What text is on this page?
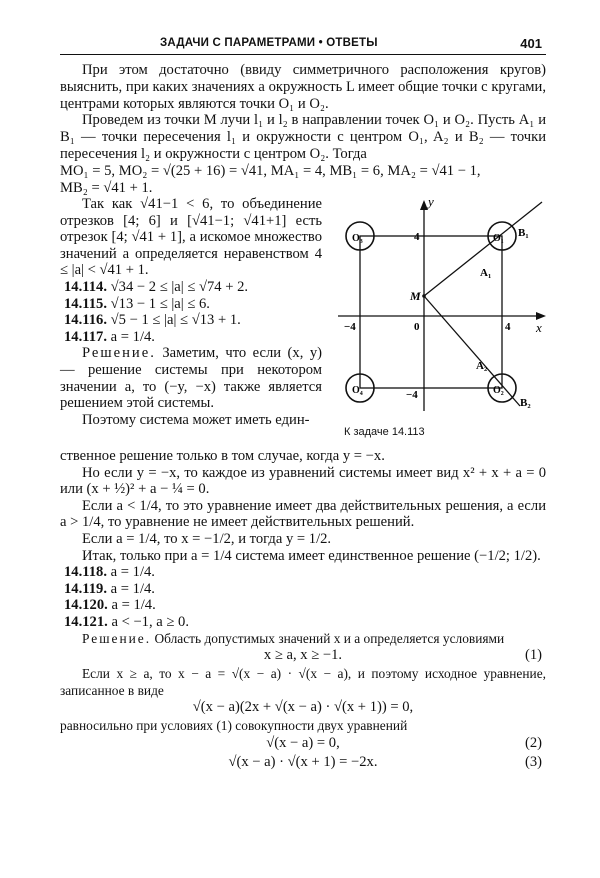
ЗАДАЧИ С ПАРАМЕТРАМИ • ОТВЕТЫ	401

При этом достаточно (ввиду симметричного расположения кругов) выяснить, при каких значениях a окружность L имеет общие точки с кругами, центрами которых являются точки O₁ и O₂.

Проведем из точки M лучи l₁ и l₂ в направлении точек O₁ и O₂. Пусть A₁ и B₁ — точки пересечения l₁ и окружности с центром O₁, A₂ и B₂ — точки пересечения l₂ и окружности с центром O₂. Тогда

MO₁ = 5, MO₂ = √(25 + 16) = √41, MA₁ = 4, MB₁ = 6, MA₂ = √41 − 1,

MB₂ = √41 + 1.

Так как √41−1 < 6, то объединение отрезков [4; 6] и [√41−1; √41+1] есть отрезок [4; √41 + 1], а искомое множество значений a определяется неравенством 4 ≤ |a| < √41 + 1.

14.114. √34 − 2 ≤ |a| ≤ √74 + 2.
14.115. √13 − 1 ≤ |a| ≤ 6.
14.116. √5 − 1 ≤ |a| ≤ √13 + 1.
14.117. a = 1/4.

Решение. Заметим, что если (x, y) — решение системы при некотором значении a, то (−y, −x) также является решением этой системы.

Поэтому система может иметь един-

y
x
O₃	O₁
O₄	O₂
B₁
B₂
A₁
A₂
M
0	4
−4
4
−4
К задаче 14.113

ственное решение только в том случае, когда y = −x.

Но если y = −x, то каждое из уравнений системы имеет вид x² + x + a = 0 или (x + ½)² + a − ¼ = 0.

Если a < 1/4, то это уравнение имеет два действительных решения, а если a > 1/4, то уравнение не имеет действительных решений.

Если a = 1/4, то x = −1/2, и тогда y = 1/2.

Итак, только при a = 1/4 система имеет единственное решение (−1/2; 1/2).

14.118. a = 1/4.
14.119. a = 1/4.
14.120. a = 1/4.
14.121. a < −1, a ≥ 0.

Решение. Область допустимых значений x и a определяется условиями

x ≥ a, x ≥ −1.	(1)

Если x ≥ a, то x − a = √(x − a) · √(x − a), и поэтому исходное уравнение, записанное в виде

√(x − a)(2x + √(x − a) · √(x + 1)) = 0,

равносильно при условиях (1) совокупности двух уравнений

√(x − a) = 0,	(2)
√(x − a) · √(x + 1) = −2x.	(3)
